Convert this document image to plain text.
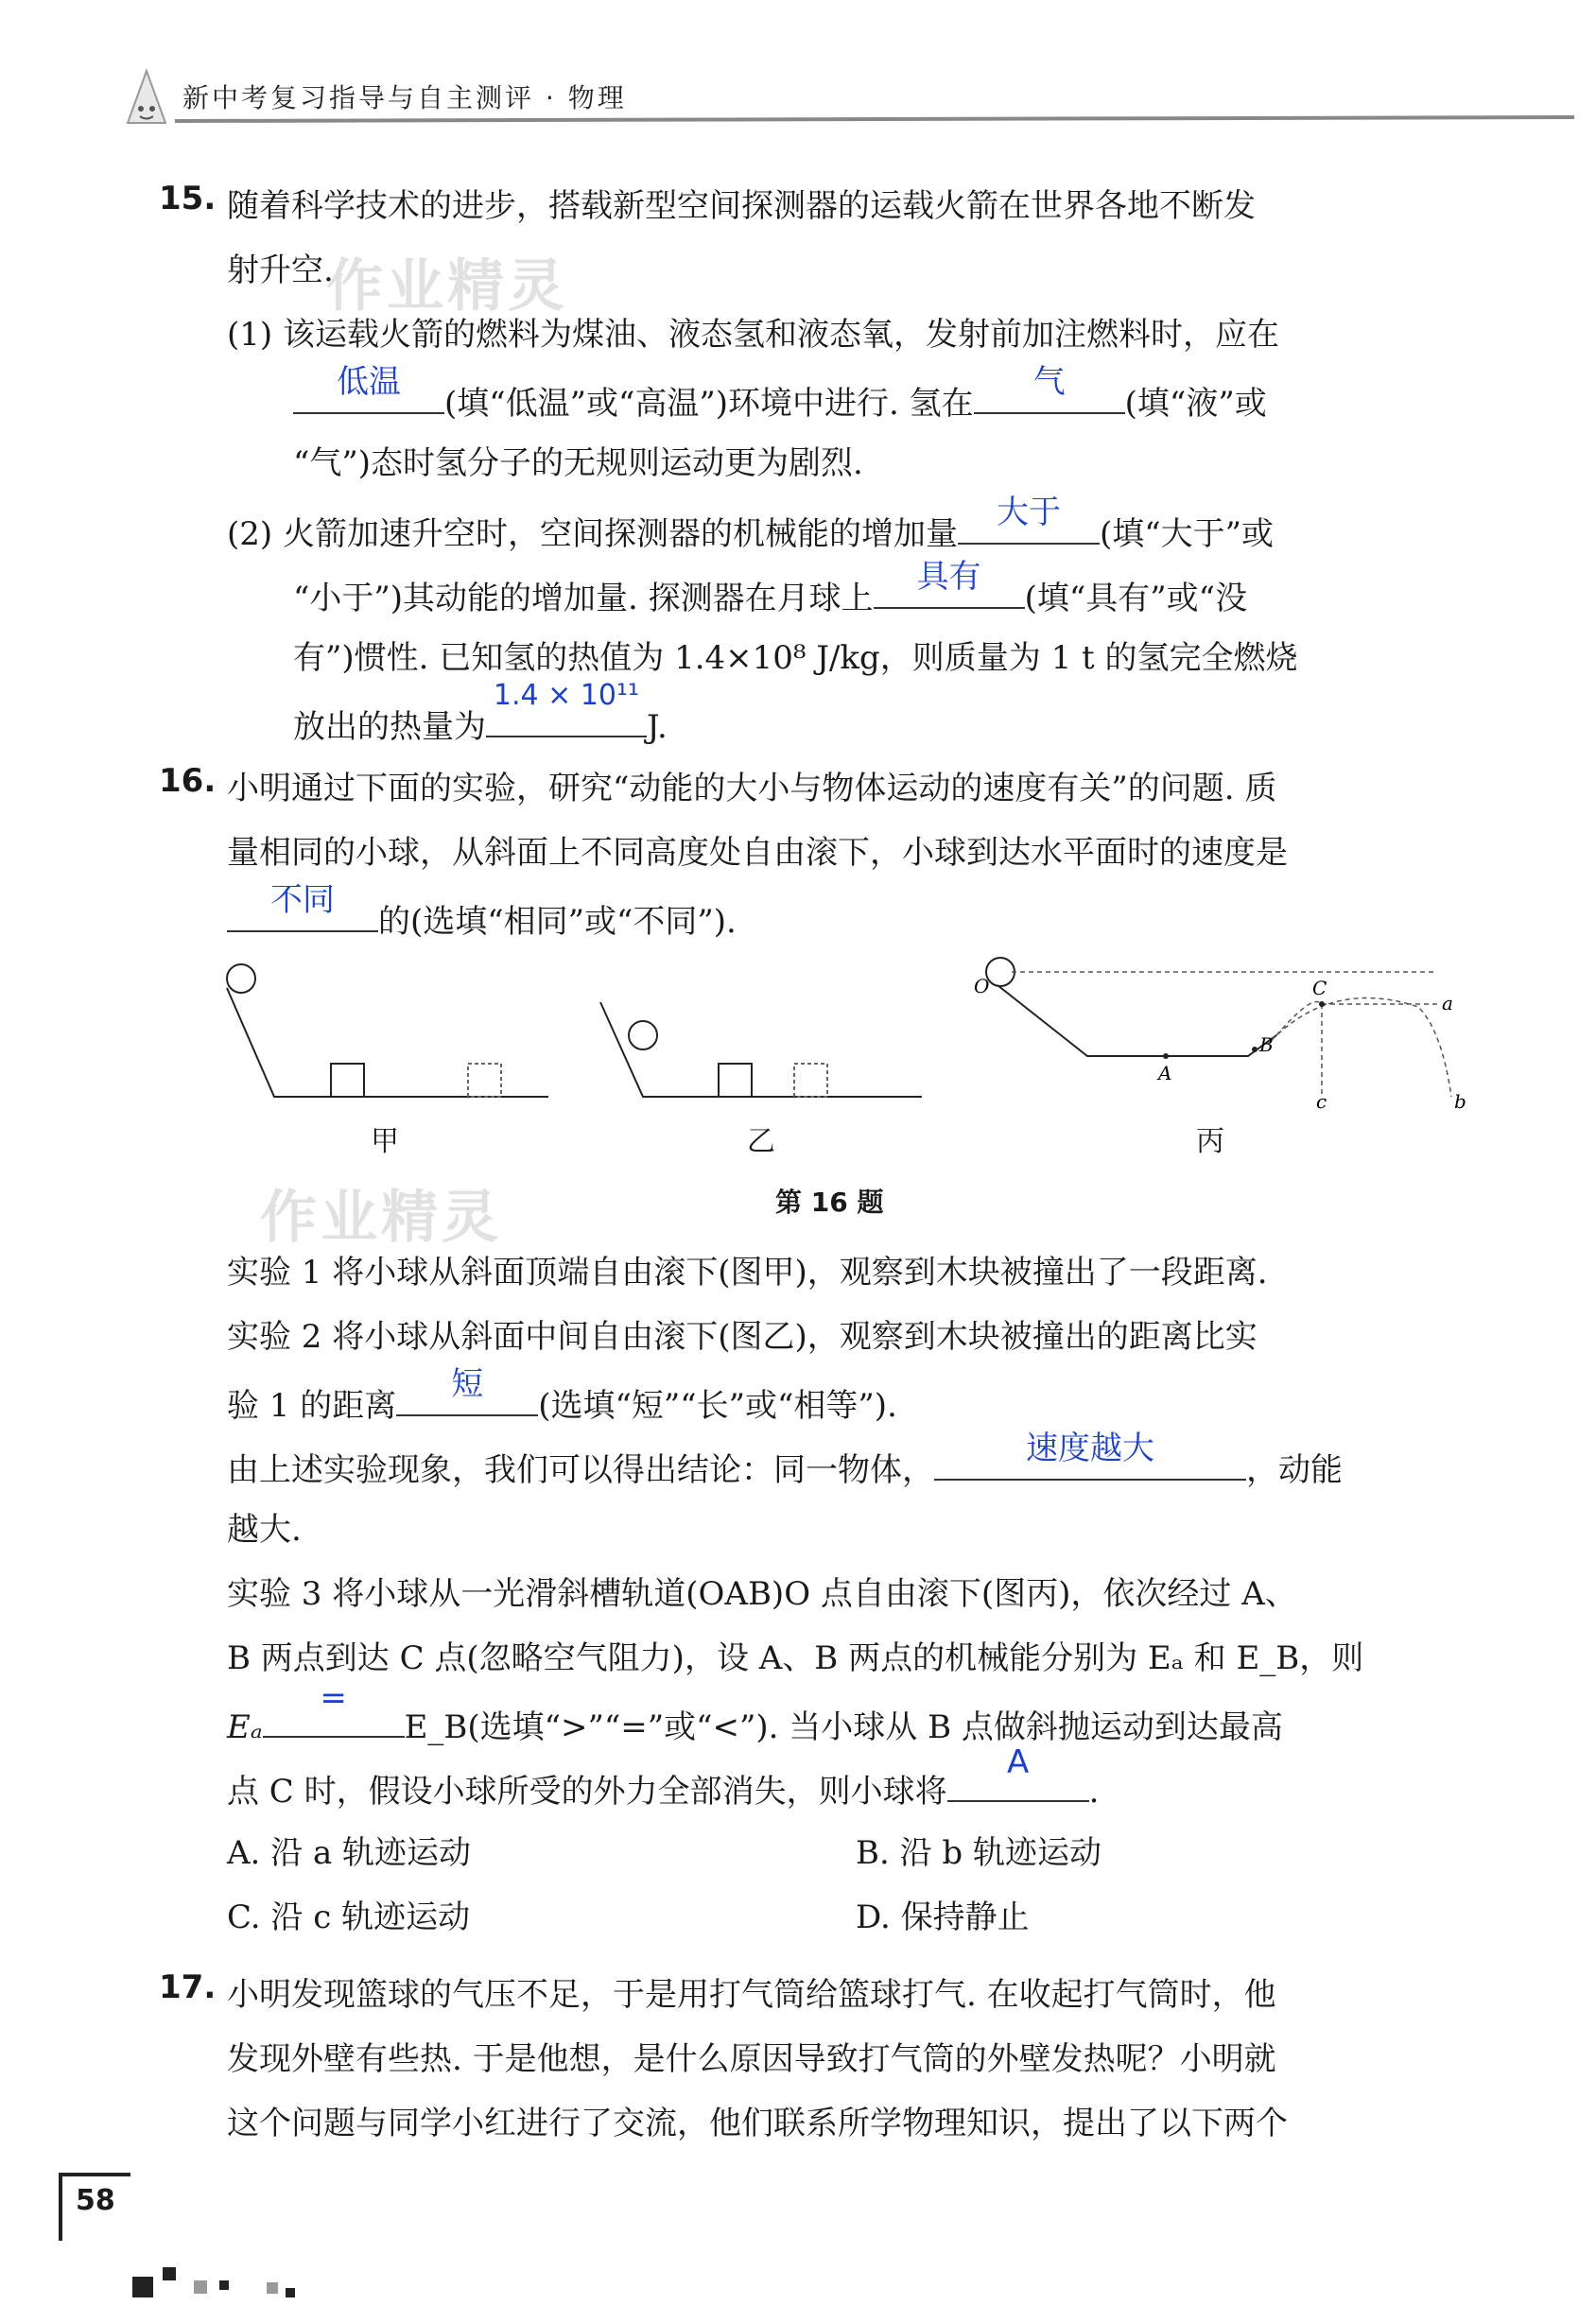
新中考复习指导与自主测评 · 物理
15. 随着科学技术的进步，搭载新型空间探测器的运载火箭在世界各地不断发
射升空.
作业精灵
(1) 该运载火箭的燃料为煤油、液态氢和液态氧，发射前加注燃料时，应在
低温
(填“低温”或“高温”)环境中进行. 氢在
气
(填“液”或
“气”)态时氢分子的无规则运动更为剧烈.
(2) 火箭加速升空时，空间探测器的机械能的增加量
大于
(填“大于”或
“小于”)其动能的增加量. 探测器在月球上
具有
(填“具有”或“没
有”)惯性. 已知氢的热值为 1.4×10⁸ J/kg，则质量为 1 t 的氢完全燃烧
放出的热量为
1.4 × 10¹¹
J.
16. 小明通过下面的实验，研究“动能的大小与物体运动的速度有关”的问题. 质
量相同的小球，从斜面上不同高度处自由滚下，小球到达水平面时的速度是
不同
的(选填“相同”或“不同”).
甲	乙
O
A
B
C
a
b
c
丙
第 16 题
作业精灵
实验 1 将小球从斜面顶端自由滚下(图甲)，观察到木块被撞出了一段距离.
实验 2 将小球从斜面中间自由滚下(图乙)，观察到木块被撞出的距离比实
验 1 的距离
短
(选填“短”“长”或“相等”).
由上述实验现象，我们可以得出结论：同一物体，
速度越大
，动能
越大.
实验 3 将小球从一光滑斜槽轨道(OAB)O 点自由滚下(图丙)，依次经过 A、
B 两点到达 C 点(忽略空气阻力)，设 A、B 两点的机械能分别为 Eₐ 和 E_B，则
Eₐ
=
E_B(选填“>”“=”或“<”). 当小球从 B 点做斜抛运动到达最高
点 C 时，假设小球所受的外力全部消失，则小球将
A
.
A. 沿 a 轨迹运动	B. 沿 b 轨迹运动
C. 沿 c 轨迹运动	D. 保持静止
17. 小明发现篮球的气压不足，于是用打气筒给篮球打气. 在收起打气筒时，他
发现外壁有些热. 于是他想，是什么原因导致打气筒的外壁发热呢？小明就
这个问题与同学小红进行了交流，他们联系所学物理知识，提出了以下两个
58
